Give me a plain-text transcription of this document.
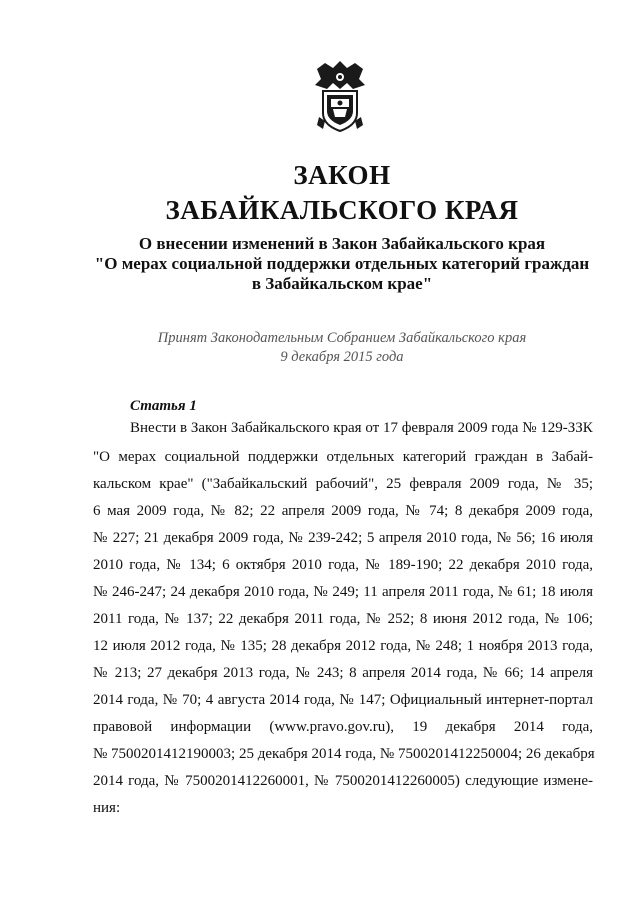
ЗАКОН
ЗАБАЙКАЛЬСКОГО КРАЯ
О внесении изменений в Закон Забайкальского края
"О мерах социальной поддержки отдельных категорий граждан
в Забайкальском крае"
Принят Законодательным Собранием Забайкальского края
9 декабря 2015 года
Статья 1
Внести в Закон Забайкальского края от 17 февраля 2009 года № 129-ЗЗК
"О мерах социальной поддержки отдельных категорий граждан в Забай-
кальском крае" ("Забайкальский рабочий", 25 февраля 2009 года, № 35;
6 мая 2009 года, № 82; 22 апреля 2009 года, № 74; 8 декабря 2009 года,
№ 227; 21 декабря 2009 года, № 239-242; 5 апреля 2010 года, № 56; 16 июля
2010 года, № 134; 6 октября 2010 года, № 189-190; 22 декабря 2010 года,
№ 246-247; 24 декабря 2010 года, № 249; 11 апреля 2011 года, № 61; 18 июля
2011 года, № 137; 22 декабря 2011 года, № 252; 8 июня 2012 года, № 106;
12 июля 2012 года, № 135; 28 декабря 2012 года, № 248; 1 ноября 2013 года,
№ 213; 27 декабря 2013 года, № 243; 8 апреля 2014 года, № 66; 14 апреля
2014 года, № 70; 4 августа 2014 года, № 147; Официальный интернет-портал
правовой информации (www.pravo.gov.ru), 19 декабря 2014 года,
№ 7500201412190003; 25 декабря 2014 года, № 7500201412250004; 26 декабря
2014 года, № 7500201412260001, № 7500201412260005) следующие измене-
ния:
